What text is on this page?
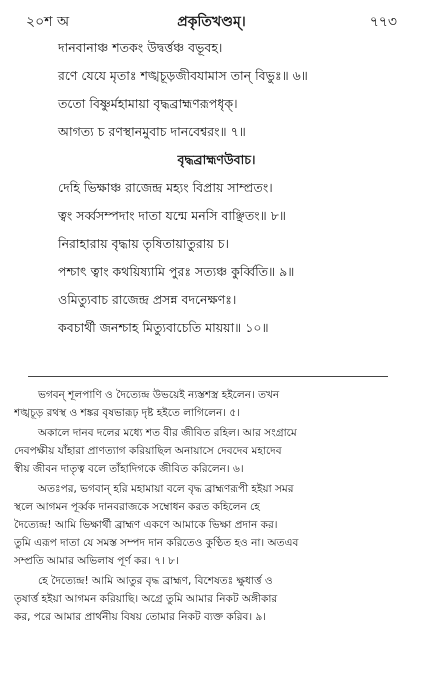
২০শ অ	প্রকৃতিখণ্ডম্।	৭৭৩
দানবানাঞ্চ শতকং উদ্বৰ্ত্তঞ্চ বভূবহ।
রণে যেযে মৃতাঃ শঙ্খচূড়জীবযামাস তান্ বিভুঃ॥ ৬॥
ততো বিষ্ণুর্মহামায়া বৃদ্ধব্রাহ্মণরূপধৃক্।
আগত্য চ রণস্থানমুবাচ দানবেশ্বরং॥ ৭॥
বৃদ্ধব্রাহ্মণউবাচ।
দেহি ভিক্ষাঞ্চ রাজেন্দ্র মহ্যং বিপ্রায় সাম্প্রতং।
ত্বং সর্ব্বসম্পদাং দাতা যন্মে মনসি বাঞ্ছিতং॥ ৮॥
নিরাহারায় বৃদ্ধায় তৃষিতায়াতুরায় চ।
পশ্চাৎ ত্বাং কথয়িষ্যামি পুরঃ সত্যঞ্চ কুর্ব্বিতি॥ ৯॥
ওমিত্যুবাচ রাজেন্দ্র প্রসন্ন বদনেক্ষণঃ।
কবচার্থী জনশ্চাহ মিত্যুবাচেতি মায়য়া॥ ১০॥
ভগবন্ শূলপাণি ও দৈত্যেন্দ্র উভয়েই ন্যস্তশস্ত্র হইলেন। তখন
শঙ্খচূড় রথস্থ ও শঙ্কর বৃষভারূঢ় দৃষ্ট হইতে লাগিলেন। ৫।
অকালে দানব দলের মধ্যে শত বীর জীবিত রহিল। আর সংগ্রামে
দেবপক্ষীয় যাঁহারা প্রাণত্যাগ করিয়াছিল অনায়াসে দেবদেব মহাদেব
স্বীয় জীবন দাতৃত্ব বলে তাঁহাদিগকে জীবিত করিলেন। ৬।
অতঃপর, ভগবান্ হরি মহামায়া বলে বৃদ্ধ ব্রাহ্মণরূপী হইয়া সমর
স্থলে আগমন পূর্ব্বক দানবরাজকে সম্বোধন করত কহিলেন হে
দৈত্যেন্দ্র! আমি ভিক্ষার্থী ব্রাহ্মণ একণে আমাকে ভিক্ষা প্রদান কর।
তুমি এরূপ দাতা যে সমস্ত সম্পদ দান করিতেও কুণ্ঠিত হও না। অতএব
সম্প্রতি আমার অভিলাষ পূর্ণ কর। ৭। ৮।
হে দৈত্যেন্দ্র! আমি আতুর বৃদ্ধ ব্রাহ্মণ, বিশেষতঃ ক্ষুধার্ত্ত ও
তৃষার্ত্ত হইয়া আগমন করিয়াছি। অগ্রে তুমি আমার নিকট অঙ্গীকার
কর, পরে আমার প্রার্থনীয় বিষয় তোমার নিকট ব্যক্ত করিব। ৯।
